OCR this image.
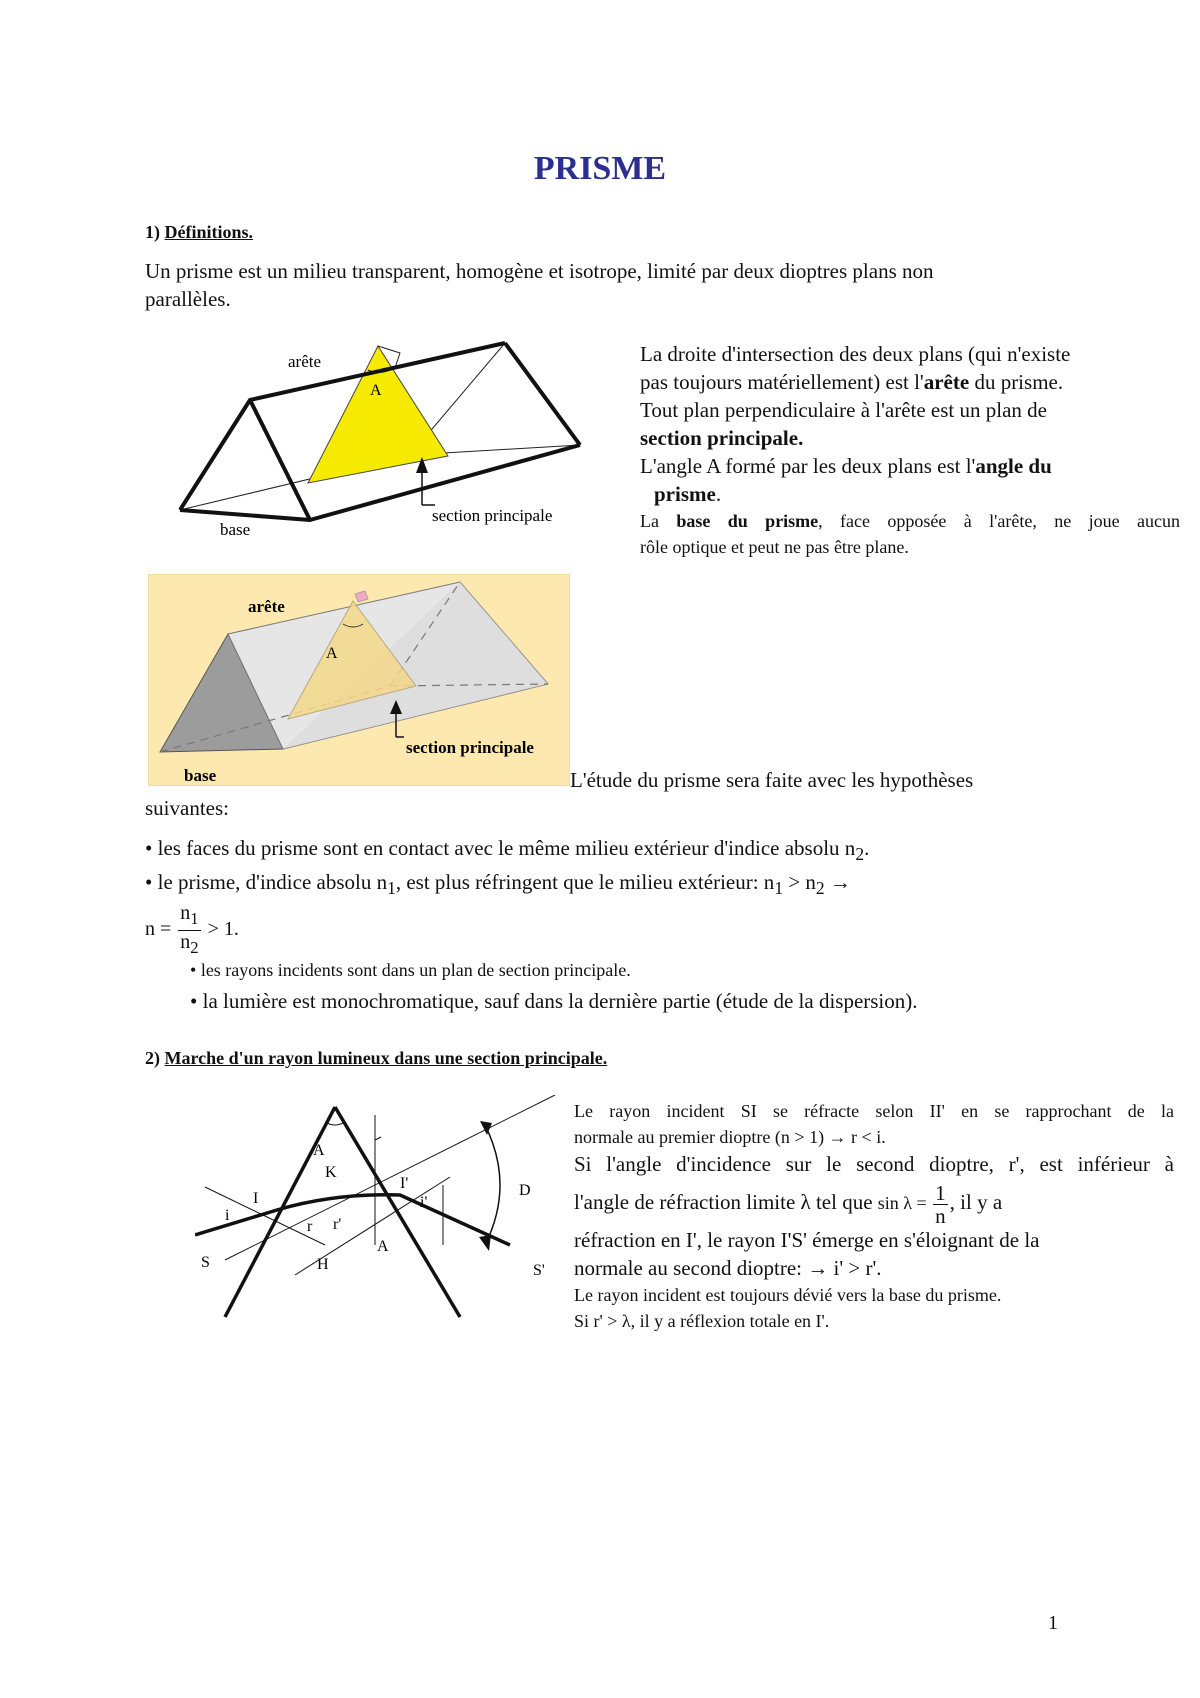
PRISME
1) Définitions.
Un prisme est un milieu transparent, homogène et isotrope, limité par deux dioptres plans non
parallèles.
arête
A
base
section principale
La droite d'intersection des deux plans (qui n'existe
pas toujours matériellement) est l'arête du prisme.
Tout plan perpendiculaire à l'arête est un plan de
section principale.
L'angle A formé par les deux plans est l'angle du
prisme.
La base du prisme, face opposée à l'arête, ne joue aucun
rôle optique et peut ne pas être plane.
arête
A
base
section principale
L'étude du prisme sera faite avec les hypothèses
suivantes:
• les faces du prisme sont en contact avec le même milieu extérieur d'indice absolu $n_2$.
• le prisme, d'indice absolu $n_1$, est plus réfringent que le milieu extérieur: $n_1 > n_2$ →
$n = \frac{n_1}{n_2} > 1$.
• les rayons incidents sont dans un plan de section principale.
• la lumière est monochromatique, sauf dans la dernière partie (étude de la dispersion).
2) Marche d'un rayon lumineux dans une section principale.
A
K
I
I'
i'
i
r r'
H
A
S	S'
D
Le rayon incident SI se réfracte selon II' en se rapprochant de la
normale au premier dioptre (n > 1) → r < i.
Si l'angle d'incidence sur le second dioptre, r', est inférieur à
l'angle de réfraction limite λ tel que $\sin \lambda = \frac{1}{n}$ , il y a
réfraction en I', le rayon I'S' émerge en s'éloignant de la
normale au second dioptre: → i' > r'.
Le rayon incident est toujours dévié vers la base du prisme.
Si r' > λ, il y a réflexion totale en I'.
1
